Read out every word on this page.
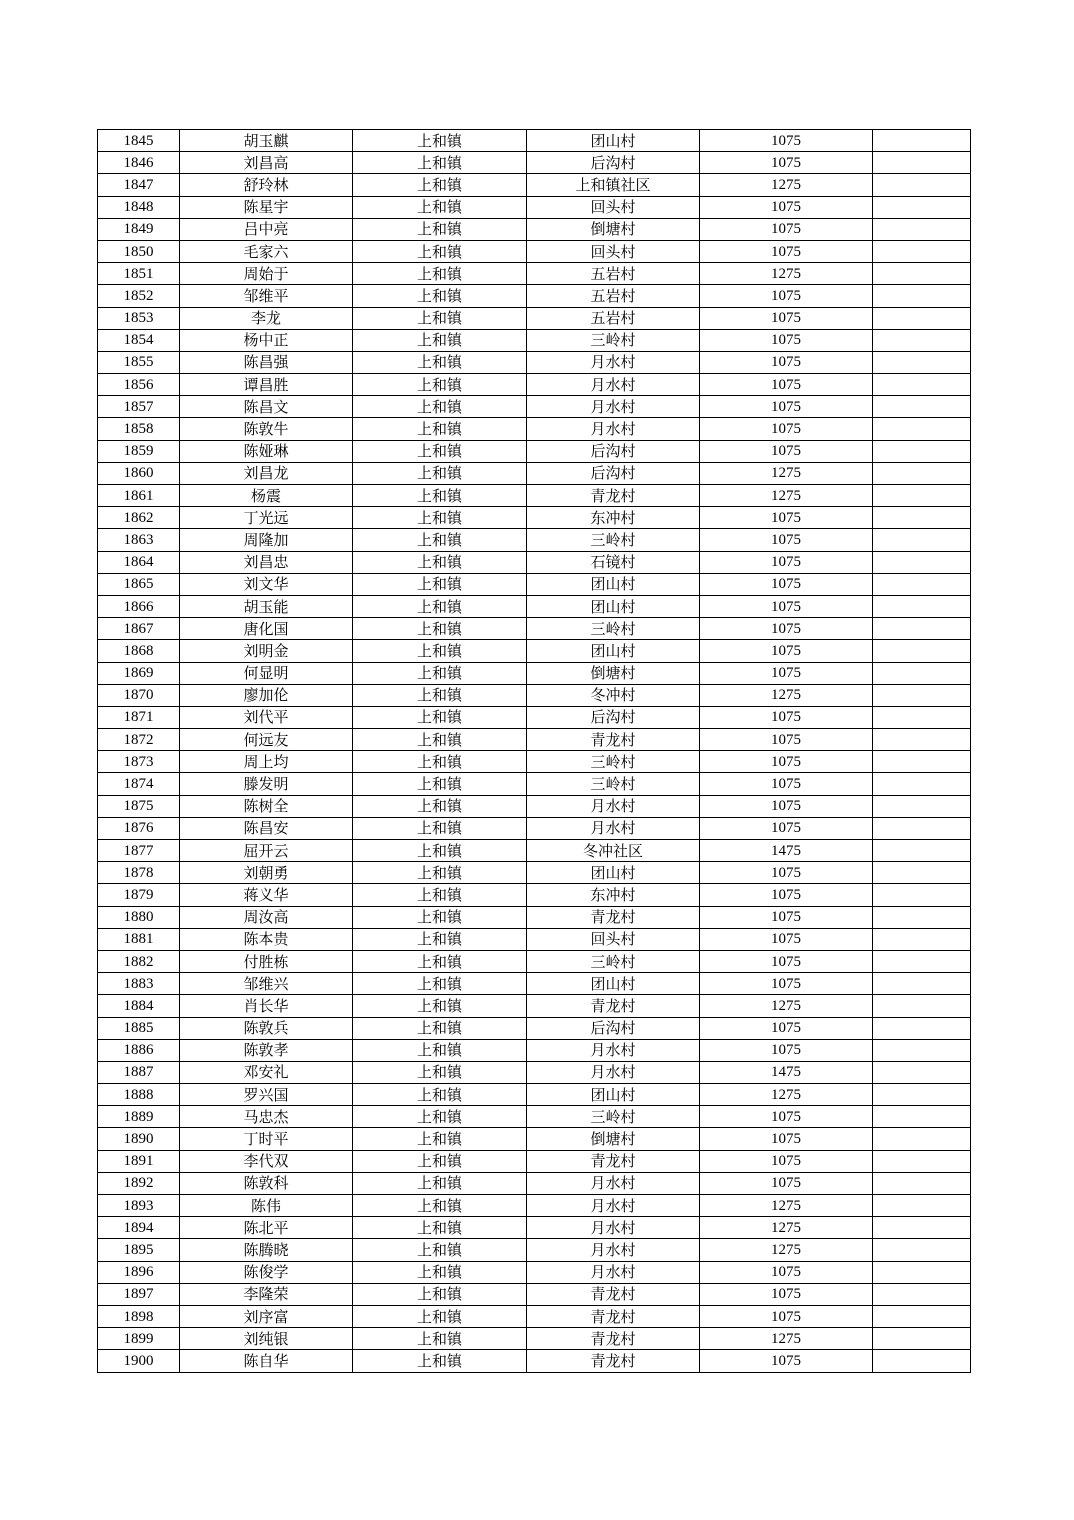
1845	胡玉麒	上和镇	团山村	1075	
1846	刘昌高	上和镇	后沟村	1075	
1847	舒玲林	上和镇	上和镇社区	1275	
1848	陈星宇	上和镇	回头村	1075	
1849	吕中亮	上和镇	倒塘村	1075	
1850	毛家六	上和镇	回头村	1075	
1851	周始于	上和镇	五岩村	1275	
1852	邹维平	上和镇	五岩村	1075	
1853	李龙	上和镇	五岩村	1075	
1854	杨中正	上和镇	三岭村	1075	
1855	陈昌强	上和镇	月水村	1075	
1856	谭昌胜	上和镇	月水村	1075	
1857	陈昌文	上和镇	月水村	1075	
1858	陈敦牛	上和镇	月水村	1075	
1859	陈娅琳	上和镇	后沟村	1075	
1860	刘昌龙	上和镇	后沟村	1275	
1861	杨震	上和镇	青龙村	1275	
1862	丁光远	上和镇	东冲村	1075	
1863	周隆加	上和镇	三岭村	1075	
1864	刘昌忠	上和镇	石镜村	1075	
1865	刘文华	上和镇	团山村	1075	
1866	胡玉能	上和镇	团山村	1075	
1867	唐化国	上和镇	三岭村	1075	
1868	刘明金	上和镇	团山村	1075	
1869	何显明	上和镇	倒塘村	1075	
1870	廖加伦	上和镇	冬冲村	1275	
1871	刘代平	上和镇	后沟村	1075	
1872	何远友	上和镇	青龙村	1075	
1873	周上均	上和镇	三岭村	1075	
1874	滕发明	上和镇	三岭村	1075	
1875	陈树全	上和镇	月水村	1075	
1876	陈昌安	上和镇	月水村	1075	
1877	屈开云	上和镇	冬冲社区	1475	
1878	刘朝勇	上和镇	团山村	1075	
1879	蒋义华	上和镇	东冲村	1075	
1880	周汝高	上和镇	青龙村	1075	
1881	陈本贵	上和镇	回头村	1075	
1882	付胜栋	上和镇	三岭村	1075	
1883	邹维兴	上和镇	团山村	1075	
1884	肖长华	上和镇	青龙村	1275	
1885	陈敦兵	上和镇	后沟村	1075	
1886	陈敦孝	上和镇	月水村	1075	
1887	邓安礼	上和镇	月水村	1475	
1888	罗兴国	上和镇	团山村	1275	
1889	马忠杰	上和镇	三岭村	1075	
1890	丁时平	上和镇	倒塘村	1075	
1891	李代双	上和镇	青龙村	1075	
1892	陈敦科	上和镇	月水村	1075	
1893	陈伟	上和镇	月水村	1275	
1894	陈北平	上和镇	月水村	1275	
1895	陈腾晓	上和镇	月水村	1275	
1896	陈俊学	上和镇	月水村	1075	
1897	李隆荣	上和镇	青龙村	1075	
1898	刘序富	上和镇	青龙村	1075	
1899	刘纯银	上和镇	青龙村	1275	
1900	陈自华	上和镇	青龙村	1075	
